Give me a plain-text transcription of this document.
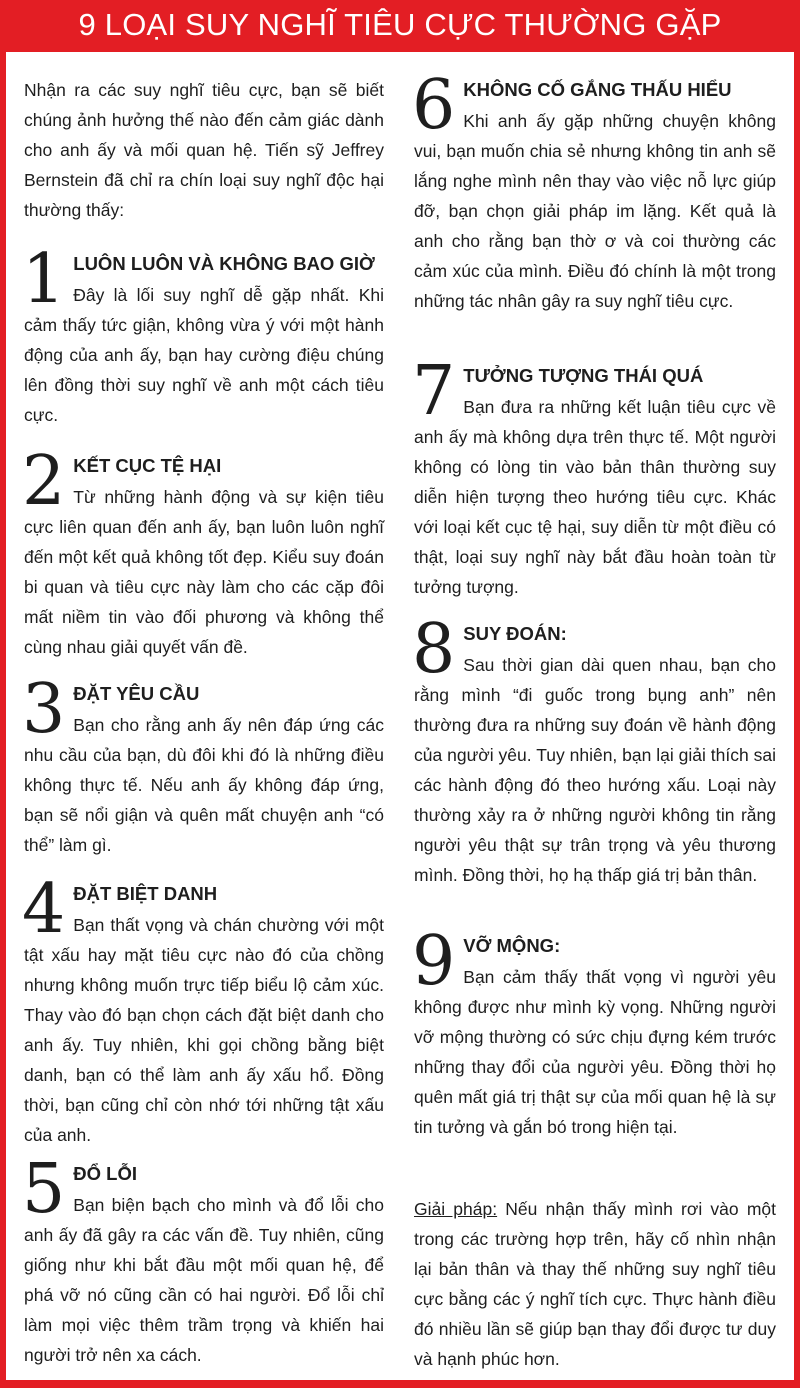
9 LOẠI SUY NGHĨ TIÊU CỰC THƯỜNG GẶP

Nhận ra các suy nghĩ tiêu cực, bạn sẽ biết chúng ảnh hưởng thế nào đến cảm giác dành cho anh ấy và mối quan hệ. Tiến sỹ Jeffrey Bernstein đã chỉ ra chín loại suy nghĩ độc hại thường thấy:

1 LUÔN LUÔN VÀ KHÔNG BAO GIỜ

Đây là lối suy nghĩ dễ gặp nhất. Khi cảm thấy tức giận, không vừa ý với một hành động của anh ấy, bạn hay cường điệu chúng lên đồng thời suy nghĩ về anh một cách tiêu cực.

2 KẾT CỤC TỆ HẠI

Từ những hành động và sự kiện tiêu cực liên quan đến anh ấy, bạn luôn luôn nghĩ đến một kết quả không tốt đẹp. Kiểu suy đoán bi quan và tiêu cực này làm cho các cặp đôi mất niềm tin vào đối phương và không thể cùng nhau giải quyết vấn đề.

3 ĐẶT YÊU CẦU

Bạn cho rằng anh ấy nên đáp ứng các nhu cầu của bạn, dù đôi khi đó là những điều không thực tế. Nếu anh ấy không đáp ứng, bạn sẽ nổi giận và quên mất chuyện anh “có thể” làm gì.

4 ĐẶT BIỆT DANH

Bạn thất vọng và chán chường với một tật xấu hay mặt tiêu cực nào đó của chồng nhưng không muốn trực tiếp biểu lộ cảm xúc. Thay vào đó bạn chọn cách đặt biệt danh cho anh ấy. Tuy nhiên, khi gọi chồng bằng biệt danh, bạn có thể làm anh ấy xấu hổ. Đồng thời, bạn cũng chỉ còn nhớ tới những tật xấu của anh.

5 ĐỔ LỖI

Bạn biện bạch cho mình và đổ lỗi cho anh ấy đã gây ra các vấn đề. Tuy nhiên, cũng giống như khi bắt đầu một mối quan hệ, để phá vỡ nó cũng cần có hai người. Đổ lỗi chỉ làm mọi việc thêm trầm trọng và khiến hai người trở nên xa cách.

6 KHÔNG CỐ GẮNG THẤU HIỂU

Khi anh ấy gặp những chuyện không vui, bạn muốn chia sẻ nhưng không tin anh sẽ lắng nghe mình nên thay vào việc nỗ lực giúp đỡ, bạn chọn giải pháp im lặng. Kết quả là anh cho rằng bạn thờ ơ và coi thường các cảm xúc của mình. Điều đó chính là một trong những tác nhân gây ra suy nghĩ tiêu cực.

7 TƯỞNG TƯỢNG THÁI QUÁ

Bạn đưa ra những kết luận tiêu cực về anh ấy mà không dựa trên thực tế. Một người không có lòng tin vào bản thân thường suy diễn hiện tượng theo hướng tiêu cực. Khác với loại kết cục tệ hại, suy diễn từ một điều có thật, loại suy nghĩ này bắt đầu hoàn toàn từ tưởng tượng.

8 SUY ĐOÁN:

Sau thời gian dài quen nhau, bạn cho rằng mình “đi guốc trong bụng anh” nên thường đưa ra những suy đoán về hành động của người yêu. Tuy nhiên, bạn lại giải thích sai các hành động đó theo hướng xấu. Loại này thường xảy ra ở những người không tin rằng người yêu thật sự trân trọng và yêu thương mình. Đồng thời, họ hạ thấp giá trị bản thân.

9 VỠ MỘNG:

Bạn cảm thấy thất vọng vì người yêu không được như mình kỳ vọng. Những người vỡ mộng thường có sức chịu đựng kém trước những thay đổi của người yêu. Đồng thời họ quên mất giá trị thật sự của mối quan hệ là sự tin tưởng và gắn bó trong hiện tại.

Giải pháp: Nếu nhận thấy mình rơi vào một trong các trường hợp trên, hãy cố nhìn nhận lại bản thân và thay thế những suy nghĩ tiêu cực bằng các ý nghĩ tích cực. Thực hành điều đó nhiều lần sẽ giúp bạn thay đổi được tư duy và hạnh phúc hơn.
